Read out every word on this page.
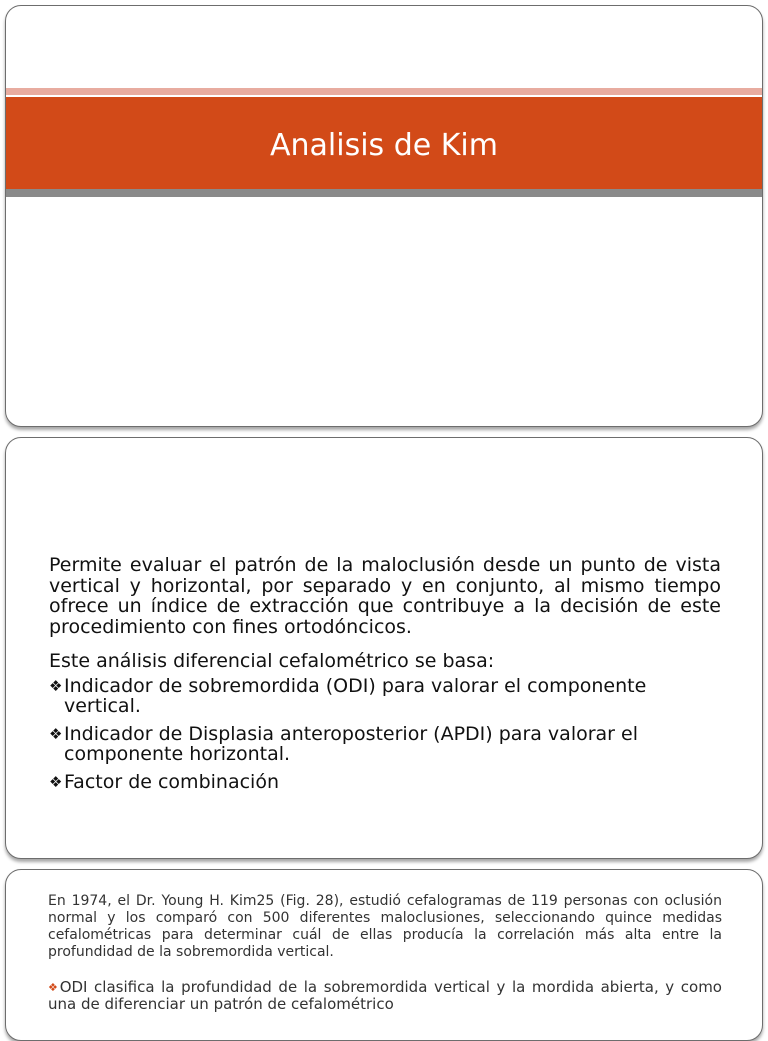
Analisis de Kim

Permite evaluar el patrón de la maloclusión desde un punto de vista vertical y horizontal, por separado y en conjunto, al mismo tiempo ofrece un índice de extracción que contribuye a la decisión de este procedimiento con fines ortodóncicos.

Este análisis diferencial cefalométrico se basa:

❖ Indicador de sobremordida (ODI) para valorar el componente vertical.
❖ Indicador de Displasia anteroposterior (APDI) para valorar el componente horizontal.
❖ Factor de combinación

En 1974, el Dr. Young H. Kim25 (Fig. 28), estudió cefalogramas de 119 personas con oclusión normal y los comparó con 500 diferentes maloclusiones, seleccionando quince medidas cefalométricas para determinar cuál de ellas producía la correlación más alta entre la profundidad de la sobremordida vertical.

❖ODI clasifica la profundidad de la sobremordida vertical y la mordida abierta, y como una de diferenciar un patrón de cefalométrico
